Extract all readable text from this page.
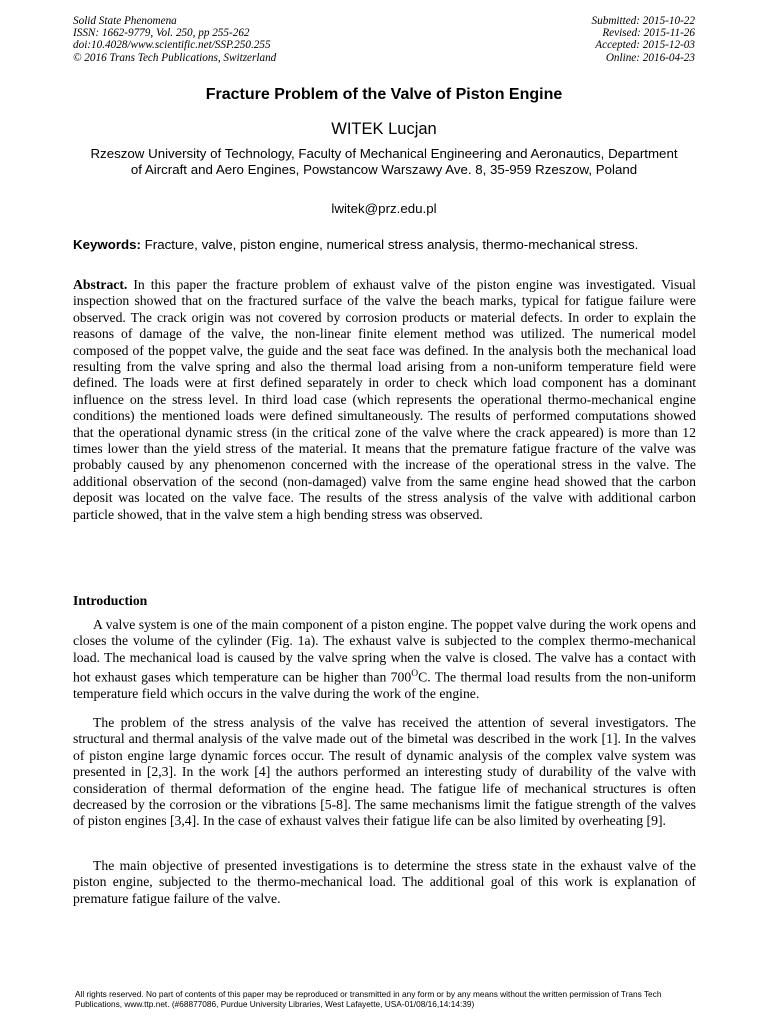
Solid State Phenomena
ISSN: 1662-9779, Vol. 250, pp 255-262
doi:10.4028/www.scientific.net/SSP.250.255
© 2016 Trans Tech Publications, Switzerland
Submitted: 2015-10-22
Revised: 2015-11-26
Accepted: 2015-12-03
Online: 2016-04-23
Fracture Problem of the Valve of Piston Engine
WITEK Lucjan
Rzeszow University of Technology, Faculty of Mechanical Engineering and Aeronautics, Department of Aircraft and Aero Engines, Powstancow Warszawy Ave. 8, 35-959 Rzeszow, Poland
lwitek@prz.edu.pl
Keywords: Fracture, valve, piston engine, numerical stress analysis, thermo-mechanical stress.
Abstract. In this paper the fracture problem of exhaust valve of the piston engine was investigated. Visual inspection showed that on the fractured surface of the valve the beach marks, typical for fatigue failure were observed. The crack origin was not covered by corrosion products or material defects. In order to explain the reasons of damage of the valve, the non-linear finite element method was utilized. The numerical model composed of the poppet valve, the guide and the seat face was defined. In the analysis both the mechanical load resulting from the valve spring and also the thermal load arising from a non-uniform temperature field were defined. The loads were at first defined separately in order to check which load component has a dominant influence on the stress level. In third load case (which represents the operational thermo-mechanical engine conditions) the mentioned loads were defined simultaneously. The results of performed computations showed that the operational dynamic stress (in the critical zone of the valve where the crack appeared) is more than 12 times lower than the yield stress of the material. It means that the premature fatigue fracture of the valve was probably caused by any phenomenon concerned with the increase of the operational stress in the valve. The additional observation of the second (non-damaged) valve from the same engine head showed that the carbon deposit was located on the valve face. The results of the stress analysis of the valve with additional carbon particle showed, that in the valve stem a high bending stress was observed.
Introduction
A valve system is one of the main component of a piston engine. The poppet valve during the work opens and closes the volume of the cylinder (Fig. 1a). The exhaust valve is subjected to the complex thermo-mechanical load. The mechanical load is caused by the valve spring when the valve is closed. The valve has a contact with hot exhaust gases which temperature can be higher than $700^OC$. The thermal load results from the non-uniform temperature field which occurs in the valve during the work of the engine.
The problem of the stress analysis of the valve has received the attention of several investigators. The structural and thermal analysis of the valve made out of the bimetal was described in the work [1]. In the valves of piston engine large dynamic forces occur. The result of dynamic analysis of the complex valve system was presented in [2,3]. In the work [4] the authors performed an interesting study of durability of the valve with consideration of thermal deformation of the engine head. The fatigue life of mechanical structures is often decreased by the corrosion or the vibrations [5-8]. The same mechanisms limit the fatigue strength of the valves of piston engines [3,4]. In the case of exhaust valves their fatigue life can be also limited by overheating [9].
The main objective of presented investigations is to determine the stress state in the exhaust valve of the piston engine, subjected to the thermo-mechanical load. The additional goal of this work is explanation of premature fatigue failure of the valve.
All rights reserved. No part of contents of this paper may be reproduced or transmitted in any form or by any means without the written permission of Trans Tech Publications, www.ttp.net. (#68877086, Purdue University Libraries, West Lafayette, USA-01/08/16,14:14:39)
